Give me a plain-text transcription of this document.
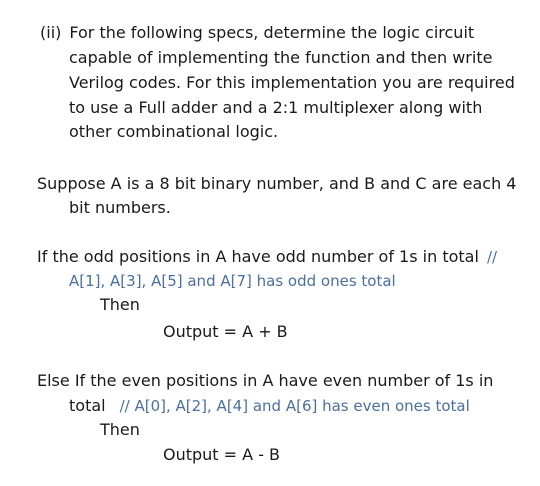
(ii) For the following specs, determine the logic circuit
capable of implementing the function and then write
Verilog codes. For this implementation you are required
to use a Full adder and a 2:1 multiplexer along with
other combinational logic.
Suppose A is a 8 bit binary number, and B and C are each 4
bit numbers.
If the odd positions in A have odd number of 1s in total //
A[1], A[3], A[5] and A[7] has odd ones total
Then
Output = A + B
Else If the even positions in A have even number of 1s in
total // A[0], A[2], A[4] and A[6] has even ones total
Then
Output = A - B
